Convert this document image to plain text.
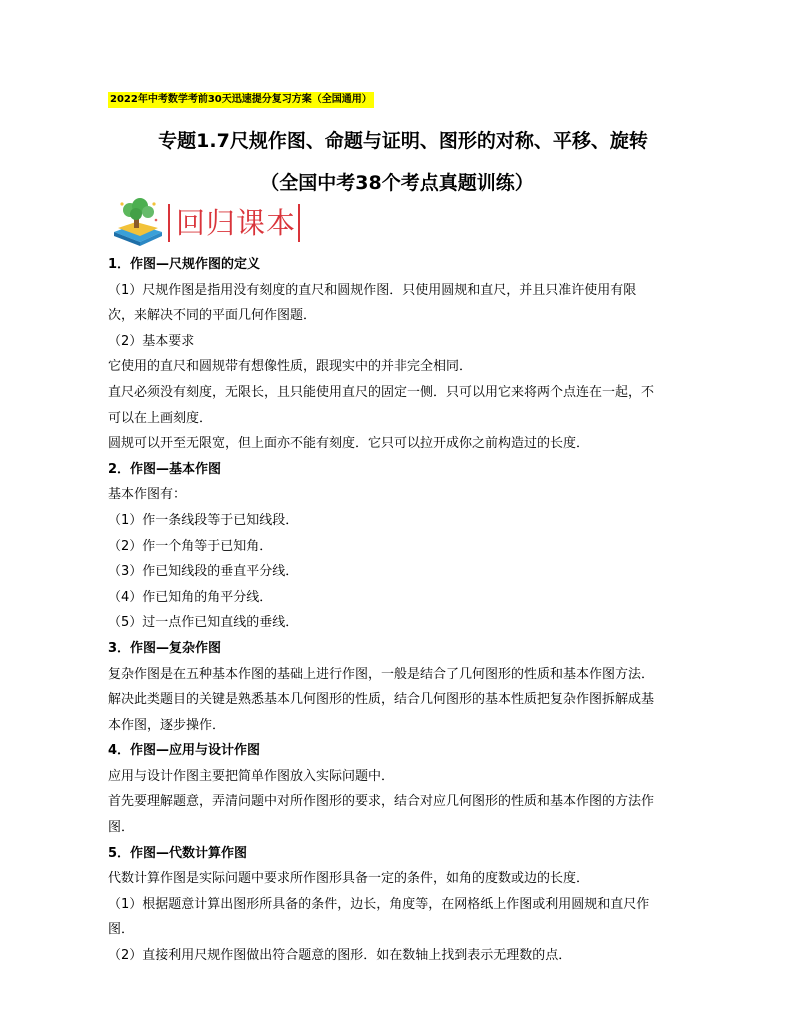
2022年中考数学考前30天迅速提分复习方案（全国通用）
专题1.7尺规作图、命题与证明、图形的对称、平移、旋转
（全国中考38个考点真题训练）
回归课本
1．作图—尺规作图的定义
（1）尺规作图是指用没有刻度的直尺和圆规作图．只使用圆规和直尺，并且只准许使用有限
次，来解决不同的平面几何作图题．
（2）基本要求
它使用的直尺和圆规带有想像性质，跟现实中的并非完全相同．
直尺必须没有刻度，无限长，且只能使用直尺的固定一侧．只可以用它来将两个点连在一起，不
可以在上画刻度．
圆规可以开至无限宽，但上面亦不能有刻度．它只可以拉开成你之前构造过的长度．
2．作图—基本作图
基本作图有：
（1）作一条线段等于已知线段．
（2）作一个角等于已知角．
（3）作已知线段的垂直平分线．
（4）作已知角的角平分线．
（5）过一点作已知直线的垂线．
3．作图—复杂作图
复杂作图是在五种基本作图的基础上进行作图，一般是结合了几何图形的性质和基本作图方法．
解决此类题目的关键是熟悉基本几何图形的性质，结合几何图形的基本性质把复杂作图拆解成基
本作图，逐步操作．
4．作图—应用与设计作图
应用与设计作图主要把简单作图放入实际问题中．
首先要理解题意，弄清问题中对所作图形的要求，结合对应几何图形的性质和基本作图的方法作
图．
5．作图—代数计算作图
代数计算作图是实际问题中要求所作图形具备一定的条件，如角的度数或边的长度．
（1）根据题意计算出图形所具备的条件，边长，角度等，在网格纸上作图或利用圆规和直尺作
图．
（2）直接利用尺规作图做出符合题意的图形．如在数轴上找到表示无理数的点．
